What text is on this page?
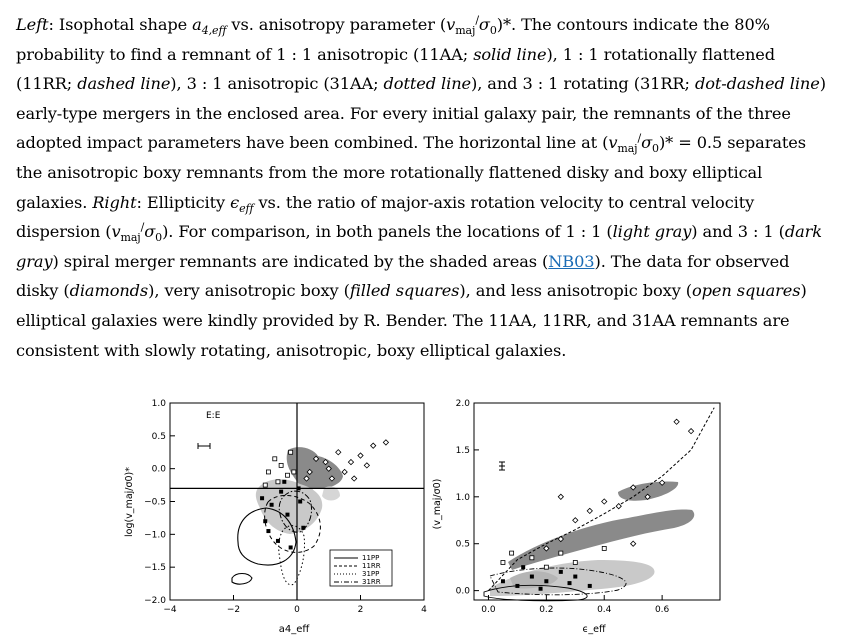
Left: Isophotal shape $a_{4,eff}$ vs. anisotropy parameter $(v_{maj}^/\sigma_0)*$. The contours indicate the 80% probability to find a remnant of 1 : 1 anisotropic (11AA; solid line), 1 : 1 rotationally flattened (11RR; dashed line), 3 : 1 anisotropic (31AA; dotted line), and 3 : 1 rotating (31RR; dot-dashed line) early-type mergers in the enclosed area. For every initial galaxy pair, the remnants of the three adopted impact parameters have been combined. The horizontal line at $(v_{maj}^/\sigma_0)* = 0.5$ separates the anisotropic boxy remnants from the more rotationally flattened disky and boxy elliptical galaxies. Right: Ellipticity $\epsilon_{eff}$ vs. the ratio of major-axis rotation velocity to central velocity dispersion $(v_{maj}^/\sigma_0)$. For comparison, in both panels the locations of 1 : 1 (light gray) and 3 : 1 (dark gray) spiral merger remnants are indicated by the shaded areas (NB03). The data for observed disky (diamonds), very anisotropic boxy (filled squares), and less anisotropic boxy (open squares) elliptical galaxies were kindly provided by R. Bender. The 11AA, 11RR, and 31AA remnants are consistent with slowly rotating, anisotropic, boxy elliptical galaxies.

−4	−2	0	2	4
1.0
0.5
0.0
−0.5
−1.0
−1.5
−2.0
E:E
11PP
11RR
31PP
31RR
a4_eff
log(v_maj/σ0)*
0.0	0.2	0.4	0.6
2.0
1.5
1.0
0.5
0.0
ϵ_eff
(v_maj/σ0)
